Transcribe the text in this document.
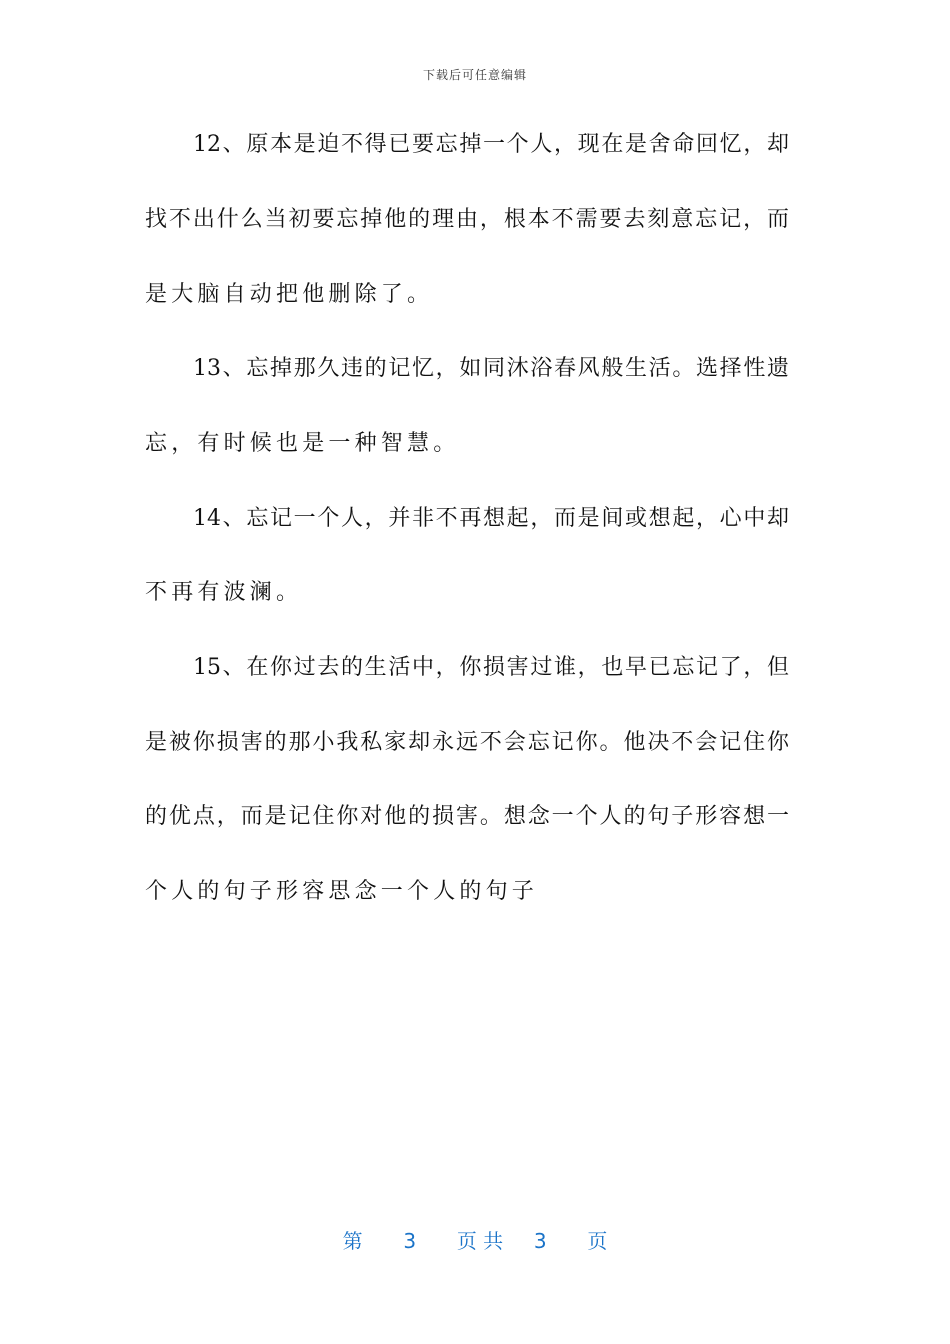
下载后可任意编辑
12、原本是迫不得已要忘掉一个人，现在是舍命回忆，却
找不出什么当初要忘掉他的理由，根本不需要去刻意忘记，而
是大脑自动把他删除了。
13、忘掉那久违的记忆，如同沐浴春风般生活。选择性遗
忘，有时候也是一种智慧。
14、忘记一个人，并非不再想起，而是间或想起，心中却
不再有波澜。
15、在你过去的生活中，你损害过谁，也早已忘记了，但
是被你损害的那小我私家却永远不会忘记你。他决不会记住你
的优点，而是记住你对他的损害。想念一个人的句子形容想一
个人的句子形容思念一个人的句子
第 3 页 共 3 页
